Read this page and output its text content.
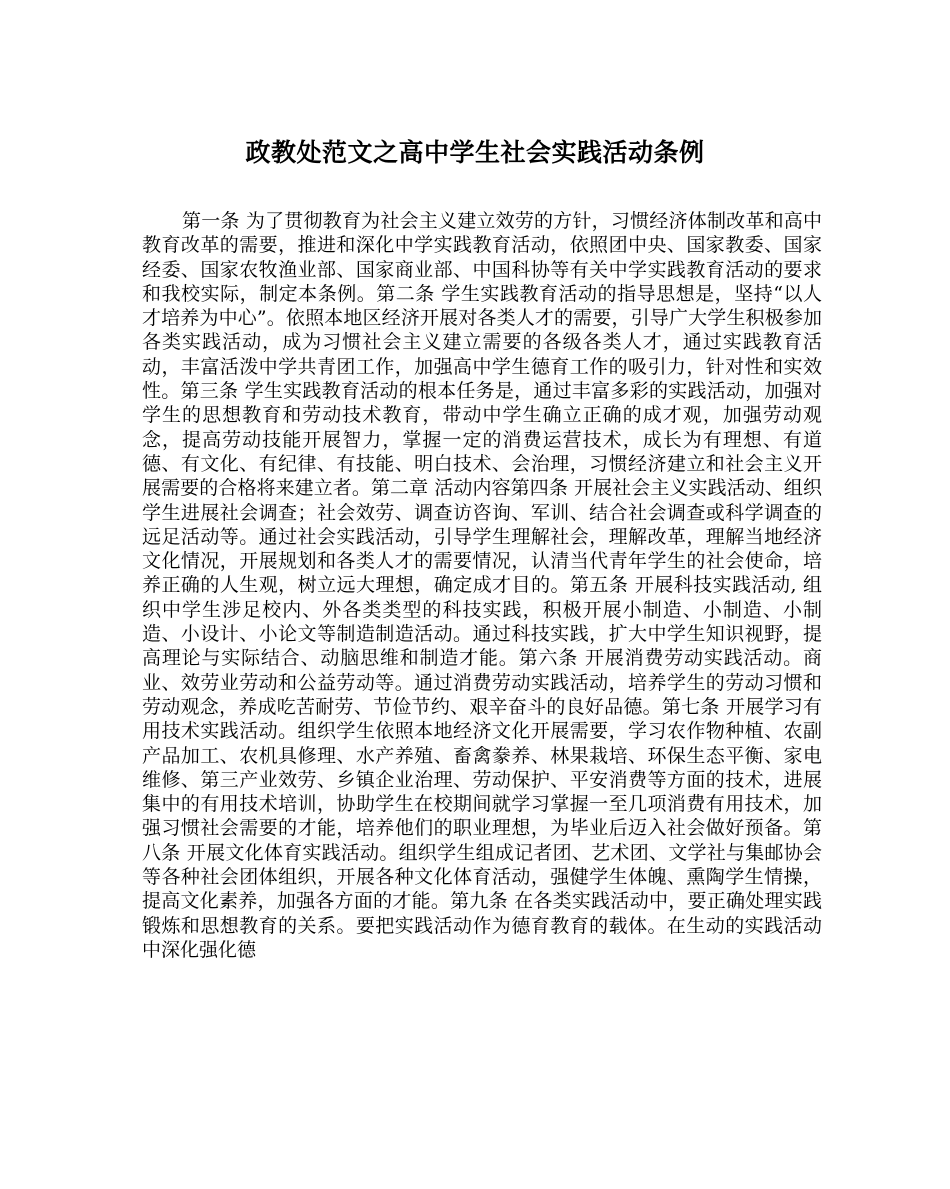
政教处范文之高中学生社会实践活动条例

第一条 为了贯彻教育为社会主义建立效劳的方针，习惯经济体制改革和高中教育改革的需要，推进和深化中学实践教育活动，依照团中央、国家教委、国家经委、国家农牧渔业部、国家商业部、中国科协等有关中学实践教育活动的要求和我校实际，制定本条例。第二条 学生实践教育活动的指导思想是，坚持“以人才培养为中心”。依照本地区经济开展对各类人才的需要，引导广大学生积极参加各类实践活动，成为习惯社会主义建立需要的各级各类人才，通过实践教育活动，丰富活泼中学共青团工作，加强高中学生德育工作的吸引力，针对性和实效性。第三条 学生实践教育活动的根本任务是，通过丰富多彩的实践活动，加强对学生的思想教育和劳动技术教育，带动中学生确立正确的成才观，加强劳动观念，提高劳动技能开展智力，掌握一定的消费运营技术，成长为有理想、有道德、有文化、有纪律、有技能、明白技术、会治理，习惯经济建立和社会主义开展需要的合格将来建立者。第二章 活动内容第四条 开展社会主义实践活动、组织学生进展社会调查；社会效劳、调查访咨询、军训、结合社会调查或科学调查的远足活动等。通过社会实践活动，引导学生理解社会，理解改革，理解当地经济文化情况，开展规划和各类人才的需要情况，认清当代青年学生的社会使命，培养正确的人生观，树立远大理想，确定成才目的。第五条 开展科技实践活动, 组织中学生涉足校内、外各类类型的科技实践，积极开展小制造、小制造、小制造、小设计、小论文等制造制造活动。通过科技实践，扩大中学生知识视野，提高理论与实际结合、动脑思维和制造才能。第六条 开展消费劳动实践活动。商业、效劳业劳动和公益劳动等。通过消费劳动实践活动，培养学生的劳动习惯和劳动观念，养成吃苦耐劳、节俭节约、艰辛奋斗的良好品德。第七条 开展学习有用技术实践活动。组织学生依照本地经济文化开展需要，学习农作物种植、农副产品加工、农机具修理、水产养殖、畜禽豢养、林果栽培、环保生态平衡、家电维修、第三产业效劳、乡镇企业治理、劳动保护、平安消费等方面的技术，进展集中的有用技术培训，协助学生在校期间就学习掌握一至几项消费有用技术，加强习惯社会需要的才能，培养他们的职业理想，为毕业后迈入社会做好预备。第八条 开展文化体育实践活动。组织学生组成记者团、艺术团、文学社与集邮协会等各种社会团体组织，开展各种文化体育活动，强健学生体魄、熏陶学生情操，提高文化素养，加强各方面的才能。第九条 在各类实践活动中，要正确处理实践锻炼和思想教育的关系。要把实践活动作为德育教育的载体。在生动的实践活动中深化强化德
